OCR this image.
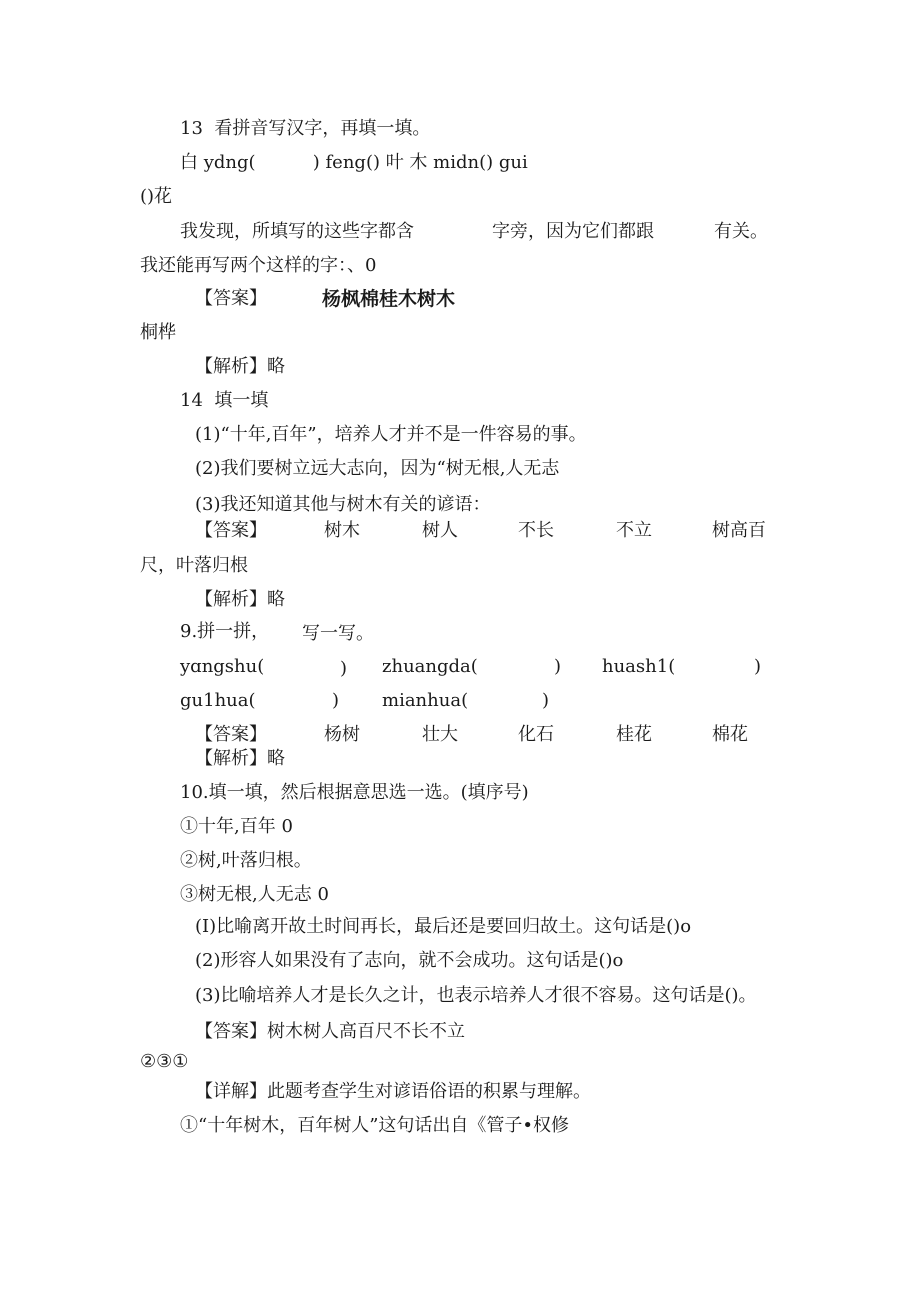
13  看拼音写汉字，再填一填。
白 ydng(          ) feng() 叶 木 midn() gui
()花
我发现，所填写的这些字都含	字旁，因为它们都跟	有关。
我还能再写两个这样的字：、0
【答案】	杨枫棉桂木树木
桐桦
【解析】略
14  填一填
(1)“十年,百年”，培养人才并不是一件容易的事。
(2)我们要树立远大志向，因为“树无根,人无志
(3)我还知道其他与树木有关的谚语：
【答案】	树木	树人	不长	不立	树高百
尺，叶落归根
【解析】略
9.拼一拼， 写一写。
yɑngshu(	) zhuangda(	) huash1(	)
gu1hua(	) mianhua(	)
【答案】	杨树	壮大	化石	桂花	棉花
【解析】略
10.填一填，然后根据意思选一选。(填序号)
①十年,百年 0
②树,叶落归根。
③树无根,人无志 0
(I)比喻离开故土时间再长，最后还是要回归故土。这句话是()o
(2)形容人如果没有了志向，就不会成功。这句话是()o
(3)比喻培养人才是长久之计，也表示培养人才很不容易。这句话是()。
【答案】树木树人高百尺不长不立
②③①
【详解】此题考查学生对谚语俗语的积累与理解。
①“十年树木，百年树人”这句话出自《管子•权修
